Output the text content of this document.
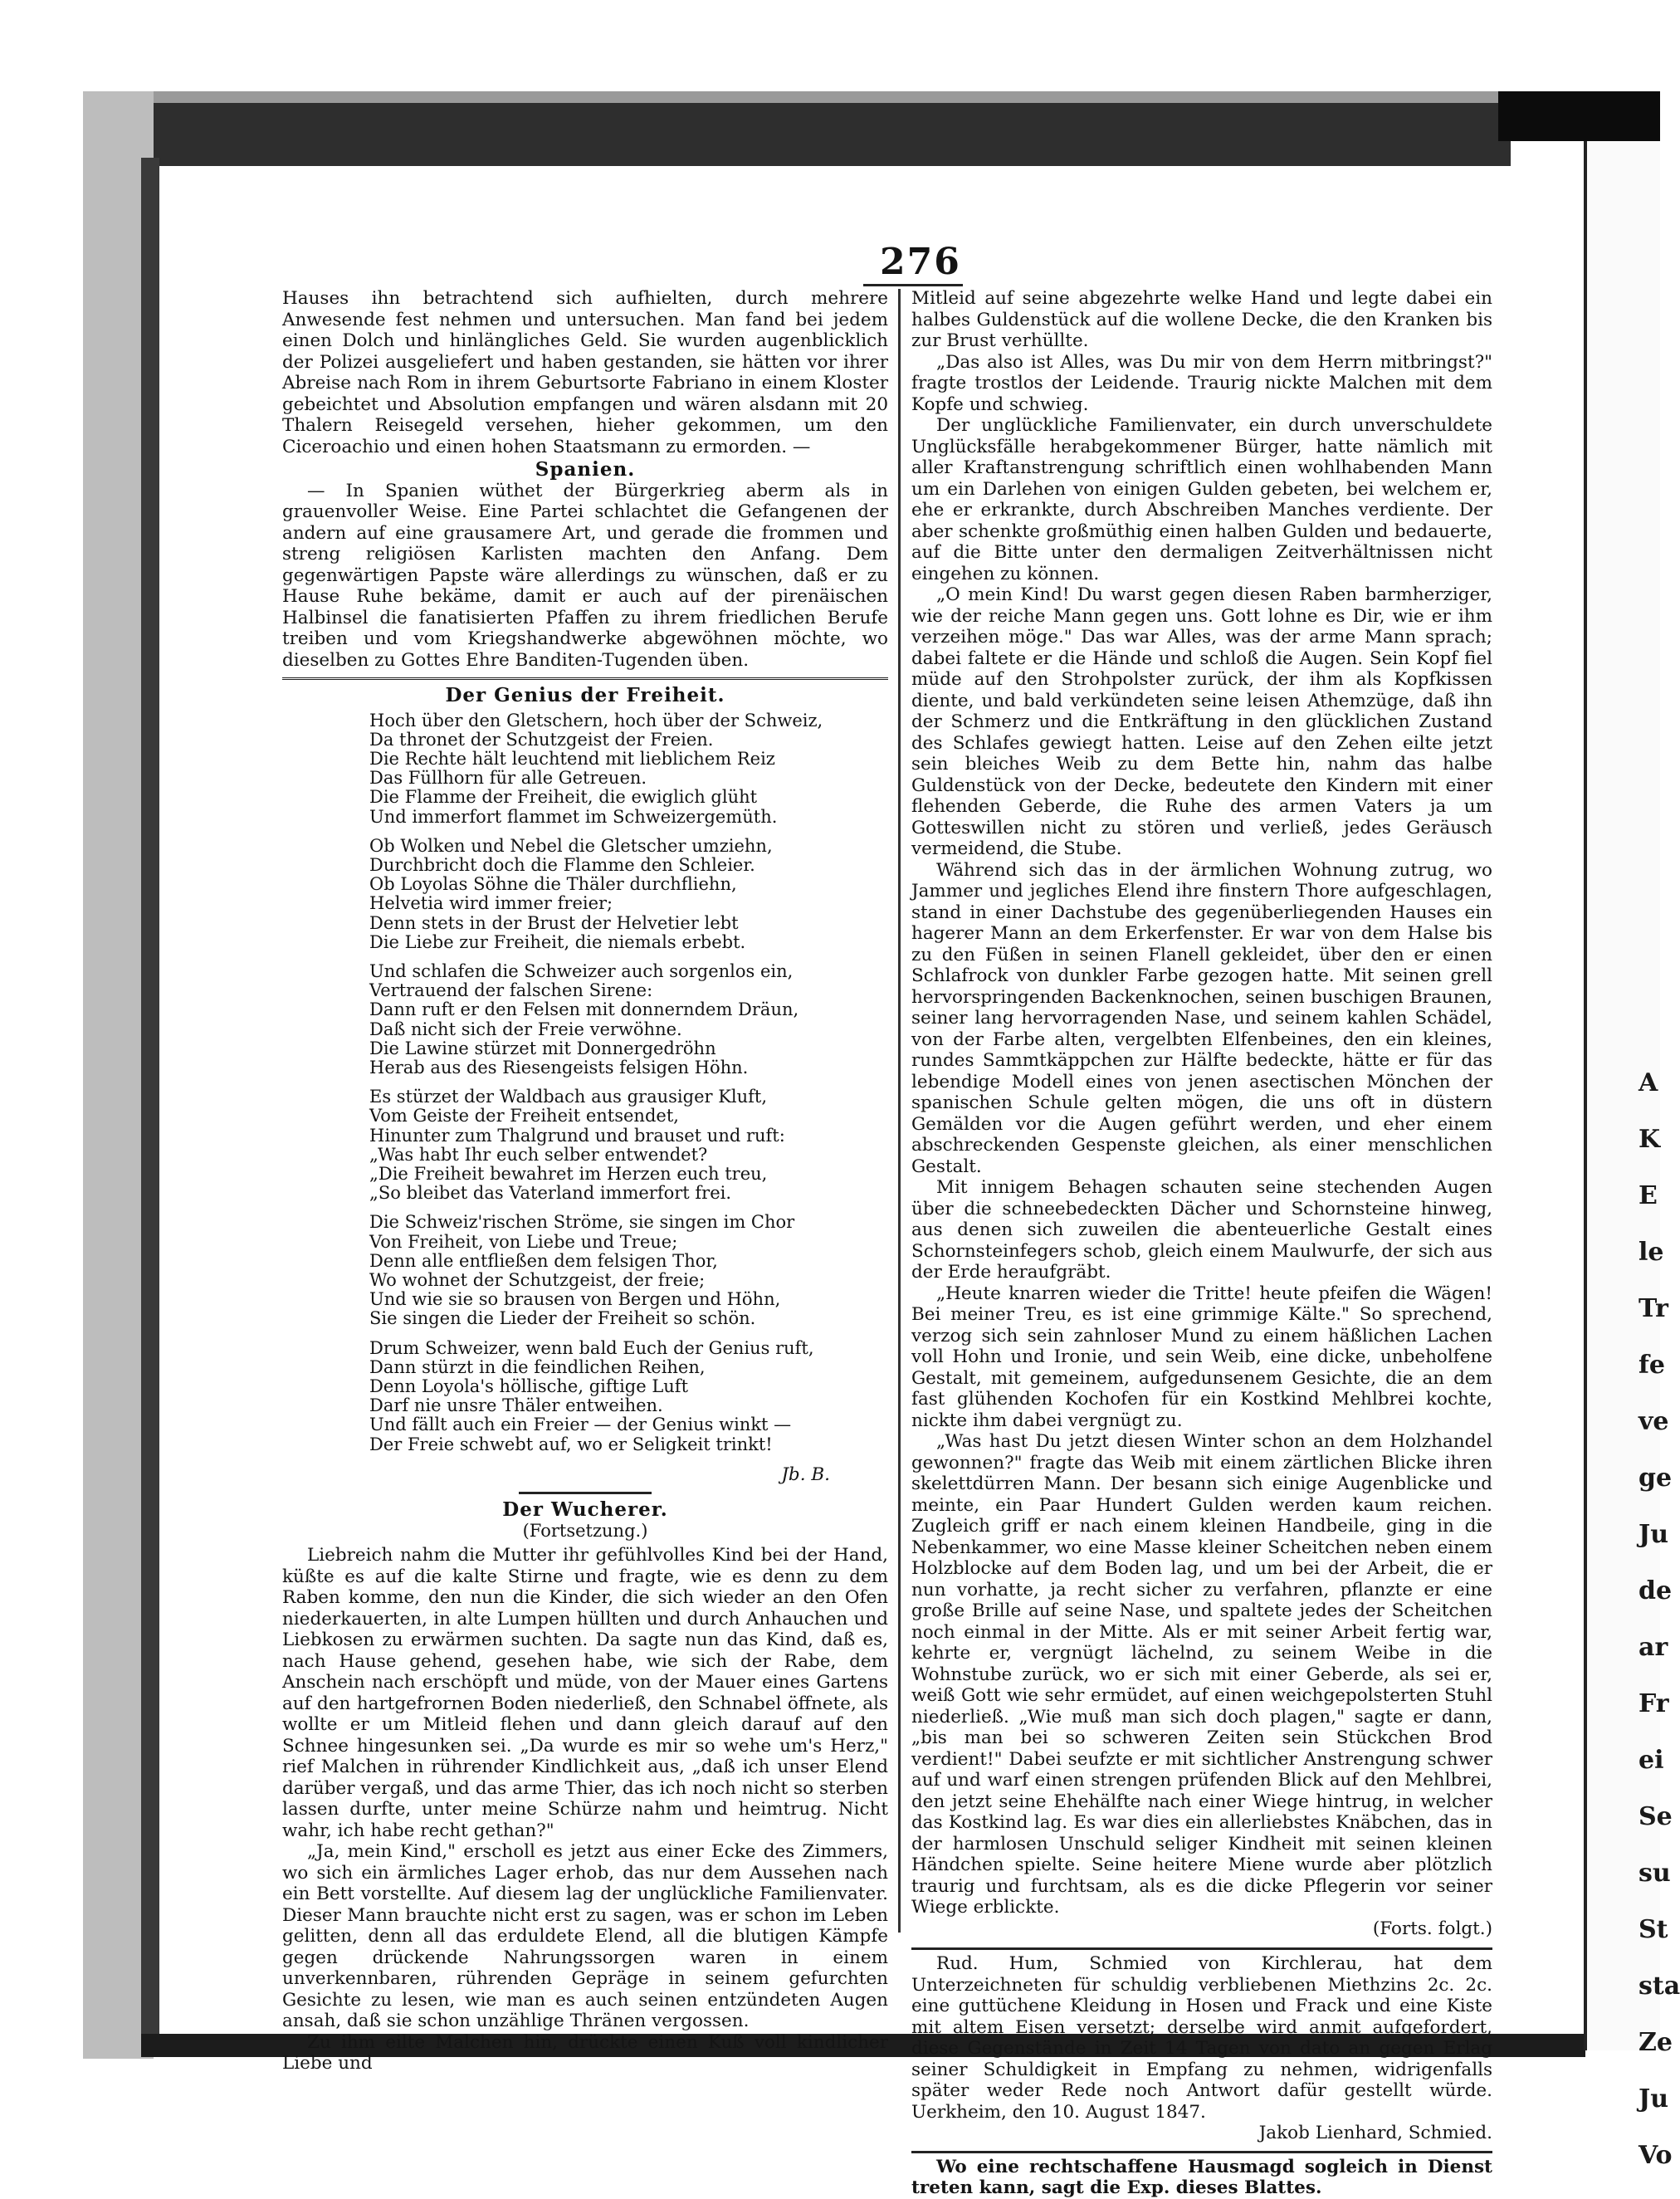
A
K
E
le
Tr
fe
ve
ge
Ju
de
ar
Fr
ei
Se
su
St
sta
Ze
Ju
Vo
276

Hauses ihn betrachtend sich aufhielten, durch mehrere Anwesende fest nehmen und untersuchen. Man fand bei jedem einen Dolch und hinlängliches Geld. Sie wurden augenblicklich der Polizei ausgeliefert und haben gestanden, sie hätten vor ihrer Abreise nach Rom in ihrem Geburtsorte Fabriano in einem Kloster gebeichtet und Absolution empfangen und wären alsdann mit 20 Thalern Reisegeld versehen, hieher gekommen, um den Ciceroachio und einen hohen Staatsmann zu ermorden. —

Spanien.

— In Spanien wüthet der Bürgerkrieg aberm als in grauenvoller Weise. Eine Partei schlachtet die Gefangenen der andern auf eine grausamere Art, und gerade die frommen und streng religiösen Karlisten machten den Anfang. Dem gegenwärtigen Papste wäre allerdings zu wünschen, daß er zu Hause Ruhe bekäme, damit er auch auf der pirenäischen Halbinsel die fanatisierten Pfaffen zu ihrem friedlichen Berufe treiben und vom Kriegshandwerke abgewöhnen möchte, wo dieselben zu Gottes Ehre Banditen-Tugenden üben.

Der Genius der Freiheit.

Hoch über den Gletschern, hoch über der Schweiz,
Da thronet der Schutzgeist der Freien.
Die Rechte hält leuchtend mit lieblichem Reiz
Das Füllhorn für alle Getreuen.
Die Flamme der Freiheit, die ewiglich glüht
Und immerfort flammet im Schweizergemüth.
Ob Wolken und Nebel die Gletscher umziehn,
Durchbricht doch die Flamme den Schleier.
Ob Loyolas Söhne die Thäler durchfliehn,
Helvetia wird immer freier;
Denn stets in der Brust der Helvetier lebt
Die Liebe zur Freiheit, die niemals erbebt.
Und schlafen die Schweizer auch sorgenlos ein,
Vertrauend der falschen Sirene:
Dann ruft er den Felsen mit donnerndem Dräun,
Daß nicht sich der Freie verwöhne.
Die Lawine stürzet mit Donnergedröhn
Herab aus des Riesengeists felsigen Höhn.
Es stürzet der Waldbach aus grausiger Kluft,
Vom Geiste der Freiheit entsendet,
Hinunter zum Thalgrund und brauset und ruft:
„Was habt Ihr euch selber entwendet?
„Die Freiheit bewahret im Herzen euch treu,
„So bleibet das Vaterland immerfort frei.
Die Schweiz'rischen Ströme, sie singen im Chor
Von Freiheit, von Liebe und Treue;
Denn alle entfließen dem felsigen Thor,
Wo wohnet der Schutzgeist, der freie;
Und wie sie so brausen von Bergen und Höhn,
Sie singen die Lieder der Freiheit so schön.
Drum Schweizer, wenn bald Euch der Genius ruft,
Dann stürzt in die feindlichen Reihen,
Denn Loyola's höllische, giftige Luft
Darf nie unsre Thäler entweihen.
Und fällt auch ein Freier — der Genius winkt —
Der Freie schwebt auf, wo er Seligkeit trinkt!

Jb. B.

Der Wucherer.

(Fortsetzung.)

Liebreich nahm die Mutter ihr gefühlvolles Kind bei der Hand, küßte es auf die kalte Stirne und fragte, wie es denn zu dem Raben komme, den nun die Kinder, die sich wieder an den Ofen niederkauerten, in alte Lumpen hüllten und durch Anhauchen und Liebkosen zu erwärmen suchten. Da sagte nun das Kind, daß es, nach Hause gehend, gesehen habe, wie sich der Rabe, dem Anschein nach erschöpft und müde, von der Mauer eines Gartens auf den hartgefrornen Boden niederließ, den Schnabel öffnete, als wollte er um Mitleid flehen und dann gleich darauf auf den Schnee hingesunken sei. „Da wurde es mir so wehe um's Herz," rief Malchen in rührender Kindlichkeit aus, „daß ich unser Elend darüber vergaß, und das arme Thier, das ich noch nicht so sterben lassen durfte, unter meine Schürze nahm und heimtrug. Nicht wahr, ich habe recht gethan?"

„Ja, mein Kind," erscholl es jetzt aus einer Ecke des Zimmers, wo sich ein ärmliches Lager erhob, das nur dem Aussehen nach ein Bett vorstellte. Auf diesem lag der unglückliche Familienvater. Dieser Mann brauchte nicht erst zu sagen, was er schon im Leben gelitten, denn all das erduldete Elend, all die blutigen Kämpfe gegen drückende Nahrungssorgen waren in einem unverkennbaren, rührenden Gepräge in seinem gefurchten Gesichte zu lesen, wie man es auch seinen entzündeten Augen ansah, daß sie schon unzählige Thränen vergossen.

Zu ihm eilte Malchen hin, drückte einen Kuß voll kindlicher Liebe und

Mitleid auf seine abgezehrte welke Hand und legte dabei ein halbes Guldenstück auf die wollene Decke, die den Kranken bis zur Brust verhüllte.

„Das also ist Alles, was Du mir von dem Herrn mitbringst?" fragte trostlos der Leidende. Traurig nickte Malchen mit dem Kopfe und schwieg.

Der unglückliche Familienvater, ein durch unverschuldete Unglücksfälle herabgekommener Bürger, hatte nämlich mit aller Kraftanstrengung schriftlich einen wohlhabenden Mann um ein Darlehen von einigen Gulden gebeten, bei welchem er, ehe er erkrankte, durch Abschreiben Manches verdiente. Der aber schenkte großmüthig einen halben Gulden und bedauerte, auf die Bitte unter den dermaligen Zeitverhältnissen nicht eingehen zu können.

„O mein Kind! Du warst gegen diesen Raben barmherziger, wie der reiche Mann gegen uns. Gott lohne es Dir, wie er ihm verzeihen möge." Das war Alles, was der arme Mann sprach; dabei faltete er die Hände und schloß die Augen. Sein Kopf fiel müde auf den Strohpolster zurück, der ihm als Kopfkissen diente, und bald verkündeten seine leisen Athemzüge, daß ihn der Schmerz und die Entkräftung in den glücklichen Zustand des Schlafes gewiegt hatten. Leise auf den Zehen eilte jetzt sein bleiches Weib zu dem Bette hin, nahm das halbe Guldenstück von der Decke, bedeutete den Kindern mit einer flehenden Geberde, die Ruhe des armen Vaters ja um Gotteswillen nicht zu stören und verließ, jedes Geräusch vermeidend, die Stube.

Während sich das in der ärmlichen Wohnung zutrug, wo Jammer und jegliches Elend ihre finstern Thore aufgeschlagen, stand in einer Dachstube des gegenüberliegenden Hauses ein hagerer Mann an dem Erkerfenster. Er war von dem Halse bis zu den Füßen in seinen Flanell gekleidet, über den er einen Schlafrock von dunkler Farbe gezogen hatte. Mit seinen grell hervorspringenden Backenknochen, seinen buschigen Braunen, seiner lang hervorragenden Nase, und seinem kahlen Schädel, von der Farbe alten, vergelbten Elfenbeines, den ein kleines, rundes Sammtkäppchen zur Hälfte bedeckte, hätte er für das lebendige Modell eines von jenen asectischen Mönchen der spanischen Schule gelten mögen, die uns oft in düstern Gemälden vor die Augen geführt werden, und eher einem abschreckenden Gespenste gleichen, als einer menschlichen Gestalt.

Mit innigem Behagen schauten seine stechenden Augen über die schneebedeckten Dächer und Schornsteine hinweg, aus denen sich zuweilen die abenteuerliche Gestalt eines Schornsteinfegers schob, gleich einem Maulwurfe, der sich aus der Erde heraufgräbt.

„Heute knarren wieder die Tritte! heute pfeifen die Wägen! Bei meiner Treu, es ist eine grimmige Kälte." So sprechend, verzog sich sein zahnloser Mund zu einem häßlichen Lachen voll Hohn und Ironie, und sein Weib, eine dicke, unbeholfene Gestalt, mit gemeinem, aufgedunsenem Gesichte, die an dem fast glühenden Kochofen für ein Kostkind Mehlbrei kochte, nickte ihm dabei vergnügt zu.

„Was hast Du jetzt diesen Winter schon an dem Holzhandel gewonnen?" fragte das Weib mit einem zärtlichen Blicke ihren skelettdürren Mann. Der besann sich einige Augenblicke und meinte, ein Paar Hundert Gulden werden kaum reichen. Zugleich griff er nach einem kleinen Handbeile, ging in die Nebenkammer, wo eine Masse kleiner Scheitchen neben einem Holzblocke auf dem Boden lag, und um bei der Arbeit, die er nun vorhatte, ja recht sicher zu verfahren, pflanzte er eine große Brille auf seine Nase, und spaltete jedes der Scheitchen noch einmal in der Mitte. Als er mit seiner Arbeit fertig war, kehrte er, vergnügt lächelnd, zu seinem Weibe in die Wohnstube zurück, wo er sich mit einer Geberde, als sei er, weiß Gott wie sehr ermüdet, auf einen weichgepolsterten Stuhl niederließ. „Wie muß man sich doch plagen," sagte er dann, „bis man bei so schweren Zeiten sein Stückchen Brod verdient!" Dabei seufzte er mit sichtlicher Anstrengung schwer auf und warf einen strengen prüfenden Blick auf den Mehlbrei, den jetzt seine Ehehälfte nach einer Wiege hintrug, in welcher das Kostkind lag. Es war dies ein allerliebstes Knäbchen, das in der harmlosen Unschuld seliger Kindheit mit seinen kleinen Händchen spielte. Seine heitere Miene wurde aber plötzlich traurig und furchtsam, als es die dicke Pflegerin vor seiner Wiege erblickte.

(Forts. folgt.)

Rud. Hum, Schmied von Kirchlerau, hat dem Unterzeichneten für schuldig verbliebenen Miethzins 2c. 2c. eine guttüchene Kleidung in Hosen und Frack und eine Kiste mit altem Eisen versetzt; derselbe wird anmit aufgefordert, diese Gegenstände in Zeit 14 Tagen von dato an gegen Erlag seiner Schuldigkeit in Empfang zu nehmen, widrigenfalls später weder Rede noch Antwort dafür gestellt würde. Uerkheim, den 10. August 1847.

Jakob Lienhard, Schmied.

Wo eine rechtschaffene Hausmagd sogleich in Dienst treten kann, sagt die Exp. dieses Blattes.
